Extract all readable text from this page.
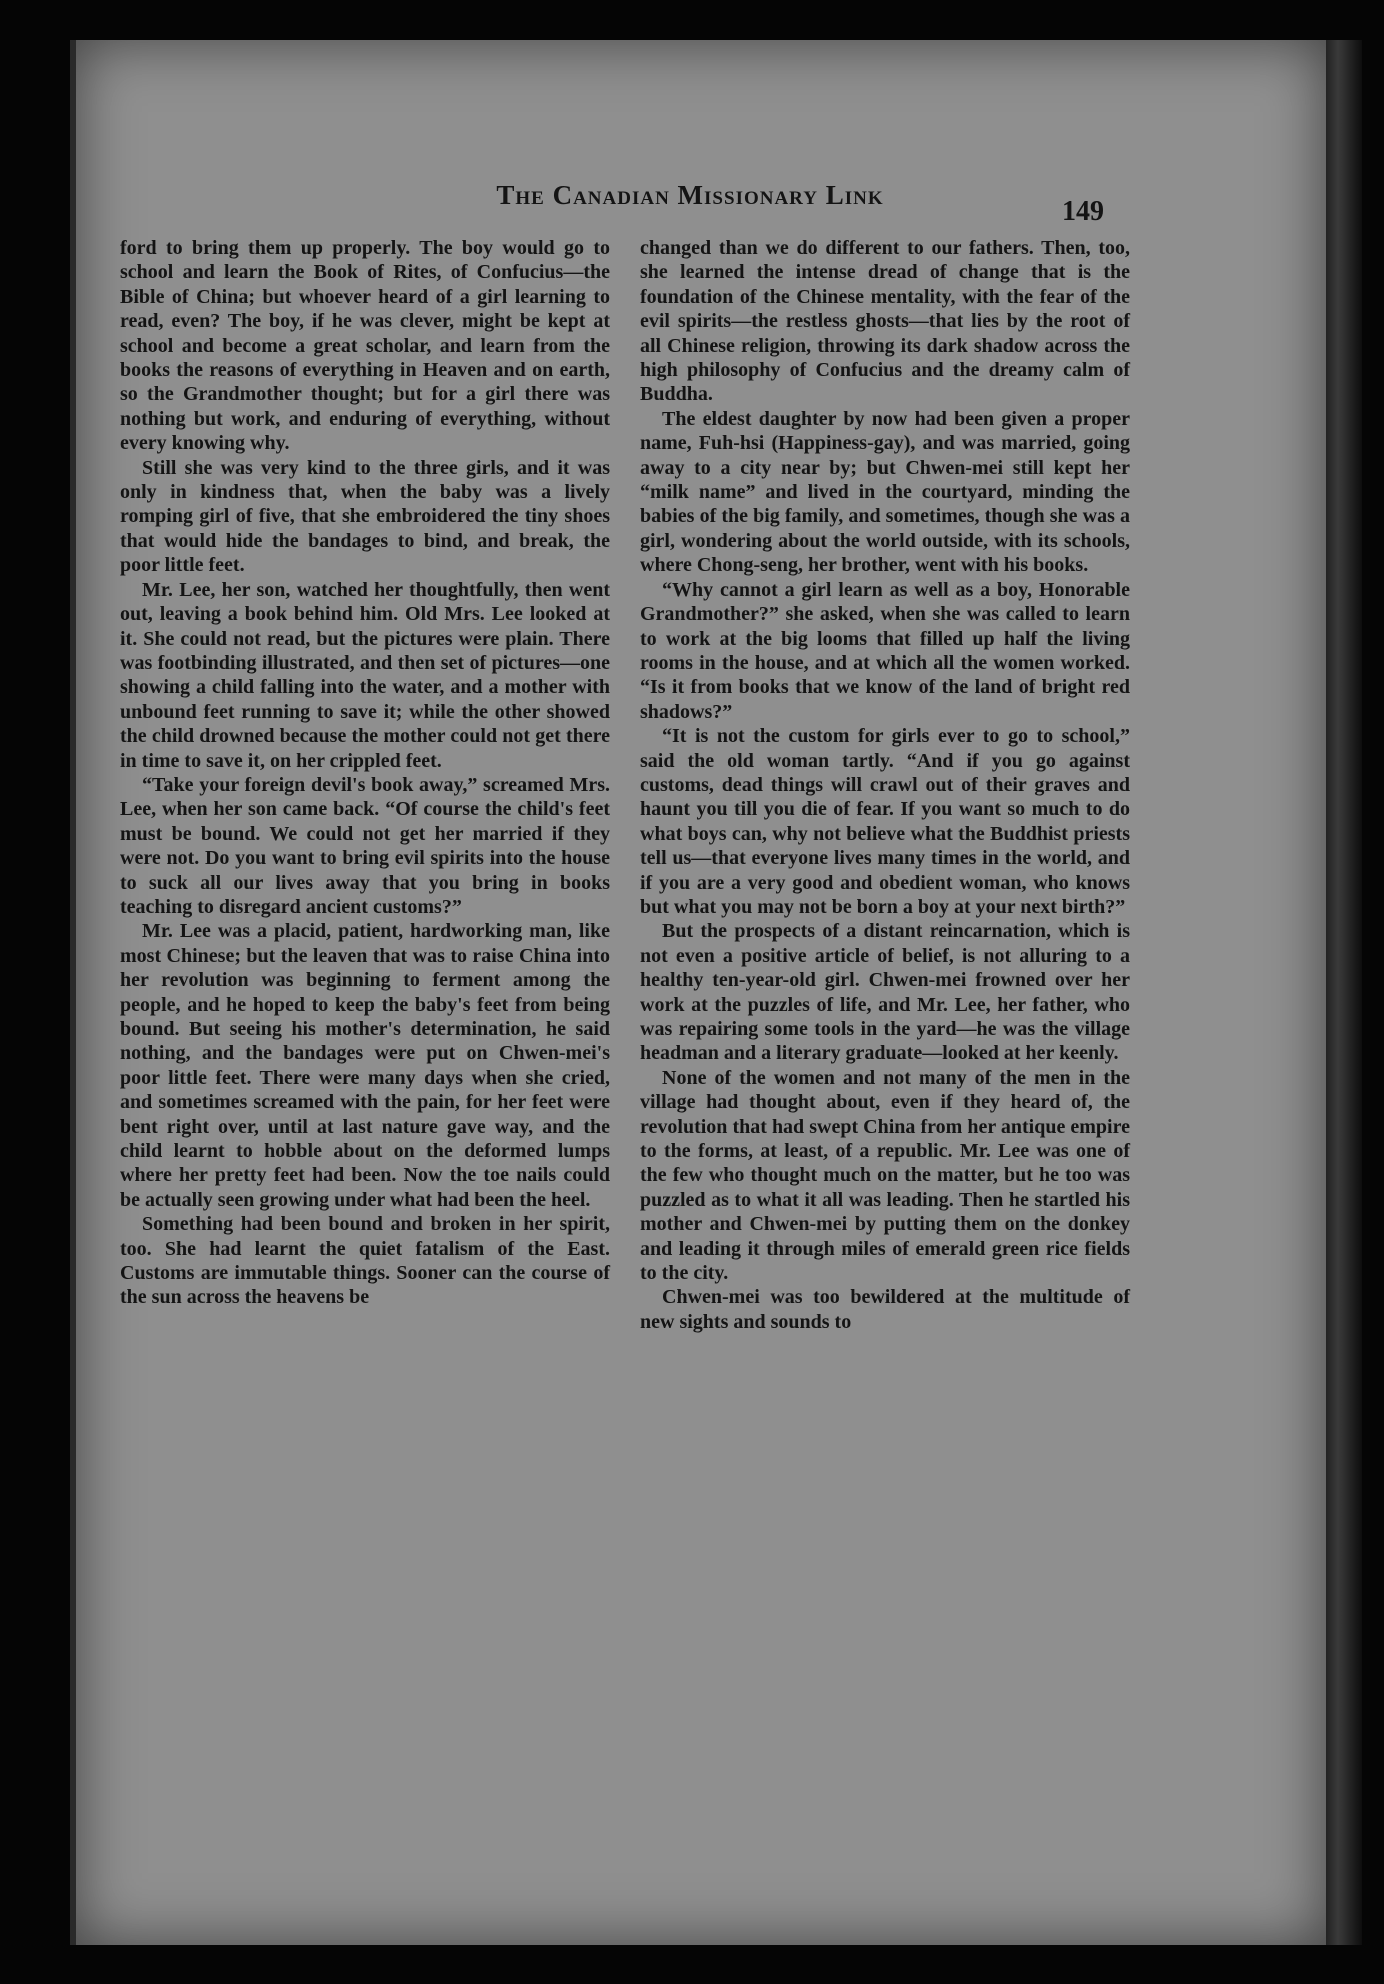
The Canadian Missionary Link
149

ford to bring them up properly. The boy would go to school and learn the Book of Rites, of Confucius—the Bible of China; but whoever heard of a girl learning to read, even? The boy, if he was clever, might be kept at school and become a great scholar, and learn from the books the reasons of everything in Heaven and on earth, so the Grandmother thought; but for a girl there was nothing but work, and enduring of everything, without every knowing why.

Still she was very kind to the three girls, and it was only in kindness that, when the baby was a lively romping girl of five, that she embroidered the tiny shoes that would hide the bandages to bind, and break, the poor little feet.

Mr. Lee, her son, watched her thoughtfully, then went out, leaving a book behind him. Old Mrs. Lee looked at it. She could not read, but the pictures were plain. There was footbinding illustrated, and then set of pictures—one showing a child falling into the water, and a mother with unbound feet running to save it; while the other showed the child drowned because the mother could not get there in time to save it, on her crippled feet.

“Take your foreign devil's book away,” screamed Mrs. Lee, when her son came back. “Of course the child's feet must be bound. We could not get her married if they were not. Do you want to bring evil spirits into the house to suck all our lives away that you bring in books teaching to disregard ancient customs?”

Mr. Lee was a placid, patient, hardworking man, like most Chinese; but the leaven that was to raise China into her revolution was beginning to ferment among the people, and he hoped to keep the baby's feet from being bound. But seeing his mother's determination, he said nothing, and the bandages were put on Chwen-mei's poor little feet. There were many days when she cried, and sometimes screamed with the pain, for her feet were bent right over, until at last nature gave way, and the child learnt to hobble about on the deformed lumps where her pretty feet had been. Now the toe nails could be actually seen growing under what had been the heel.

Something had been bound and broken in her spirit, too. She had learnt the quiet fatalism of the East. Customs are immutable things. Sooner can the course of the sun across the heavens be

changed than we do different to our fathers. Then, too, she learned the intense dread of change that is the foundation of the Chinese mentality, with the fear of the evil spirits—the restless ghosts—that lies by the root of all Chinese religion, throwing its dark shadow across the high philosophy of Confucius and the dreamy calm of Buddha.

The eldest daughter by now had been given a proper name, Fuh-hsi (Happiness-gay), and was married, going away to a city near by; but Chwen-mei still kept her “milk name” and lived in the courtyard, minding the babies of the big family, and sometimes, though she was a girl, wondering about the world outside, with its schools, where Chong-seng, her brother, went with his books.

“Why cannot a girl learn as well as a boy, Honorable Grandmother?” she asked, when she was called to learn to work at the big looms that filled up half the living rooms in the house, and at which all the women worked. “Is it from books that we know of the land of bright red shadows?”

“It is not the custom for girls ever to go to school,” said the old woman tartly. “And if you go against customs, dead things will crawl out of their graves and haunt you till you die of fear. If you want so much to do what boys can, why not believe what the Buddhist priests tell us—that everyone lives many times in the world, and if you are a very good and obedient woman, who knows but what you may not be born a boy at your next birth?”

But the prospects of a distant reincarnation, which is not even a positive article of belief, is not alluring to a healthy ten-year-old girl. Chwen-mei frowned over her work at the puzzles of life, and Mr. Lee, her father, who was repairing some tools in the yard—he was the village headman and a literary graduate—looked at her keenly.

None of the women and not many of the men in the village had thought about, even if they heard of, the revolution that had swept China from her antique empire to the forms, at least, of a republic. Mr. Lee was one of the few who thought much on the matter, but he too was puzzled as to what it all was leading. Then he startled his mother and Chwen-mei by putting them on the donkey and leading it through miles of emerald green rice fields to the city.

Chwen-mei was too bewildered at the multitude of new sights and sounds to
